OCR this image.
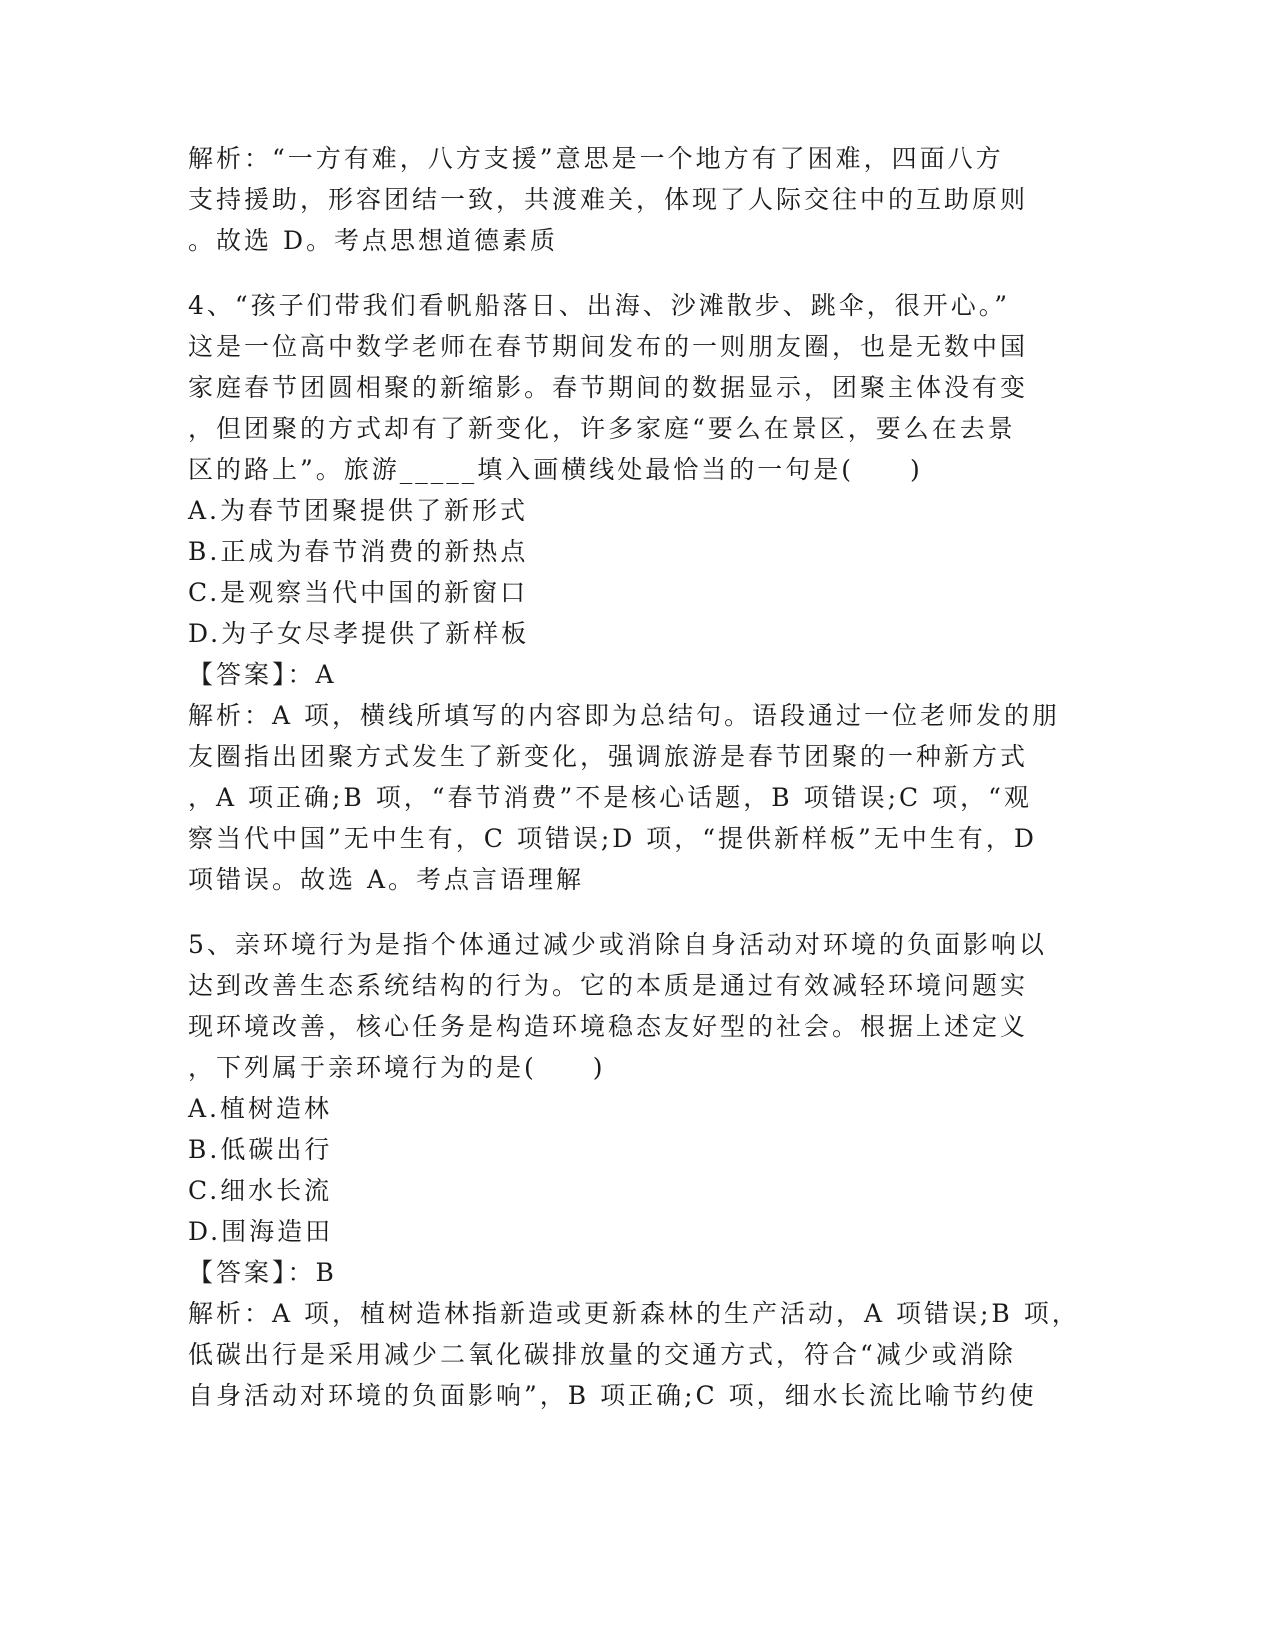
解析：“一方有难，八方支援”意思是一个地方有了困难，四面八方

支持援助，形容团结一致，共渡难关，体现了人际交往中的互助原则

。故选 D。考点思想道德素质

4、“孩子们带我们看帆船落日、出海、沙滩散步、跳伞，很开心。”

这是一位高中数学老师在春节期间发布的一则朋友圈，也是无数中国

家庭春节团圆相聚的新缩影。春节期间的数据显示，团聚主体没有变

，但团聚的方式却有了新变化，许多家庭“要么在景区，要么在去景

区的路上”。旅游_____填入画横线处最恰当的一句是(　　)

A.为春节团聚提供了新形式

B.正成为春节消费的新热点

C.是观察当代中国的新窗口

D.为子女尽孝提供了新样板

【答案】：A

解析：A 项，横线所填写的内容即为总结句。语段通过一位老师发的朋

友圈指出团聚方式发生了新变化，强调旅游是春节团聚的一种新方式

，A 项正确;B 项，“春节消费”不是核心话题，B 项错误;C 项，“观

察当代中国”无中生有，C 项错误;D 项，“提供新样板”无中生有，D

项错误。故选 A。考点言语理解

5、亲环境行为是指个体通过减少或消除自身活动对环境的负面影响以

达到改善生态系统结构的行为。它的本质是通过有效减轻环境问题实

现环境改善，核心任务是构造环境稳态友好型的社会。根据上述定义

，下列属于亲环境行为的是(　　)

A.植树造林

B.低碳出行

C.细水长流

D.围海造田

【答案】：B

解析：A 项，植树造林指新造或更新森林的生产活动，A 项错误;B 项，

低碳出行是采用减少二氧化碳排放量的交通方式，符合“减少或消除

自身活动对环境的负面影响”，B 项正确;C 项，细水长流比喻节约使
